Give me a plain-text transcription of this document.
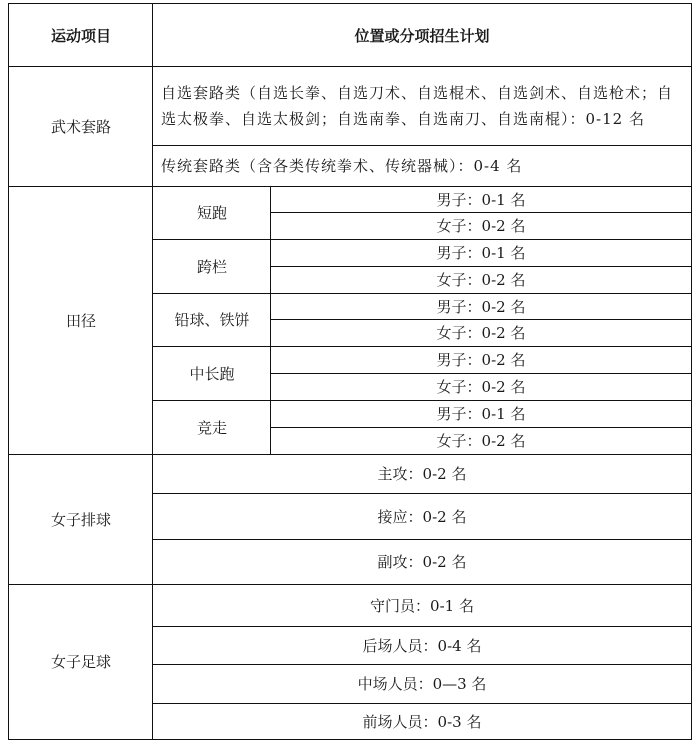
运动项目	位置或分项招生计划
武术套路
自选套路类（自选长拳、自选刀术、自选棍术、自选剑术、自选枪术；自选太极拳、自选太极剑；自选南拳、自选南刀、自选南棍）：0-12 名
传统套路类（含各类传统拳术、传统器械）：0-4 名
田径
短跑
男子：0-1 名
女子：0-2 名
跨栏
男子：0-1 名
女子：0-2 名
铅球、铁饼
男子：0-2 名
女子：0-2 名
中长跑
男子：0-2 名
女子：0-2 名
竞走
男子：0-1 名
女子：0-2 名
女子排球
主攻：0-2 名
接应：0-2 名
副攻：0-2 名
女子足球
守门员：0-1 名
后场人员：0-4 名
中场人员：0—3 名
前场人员：0-3 名
